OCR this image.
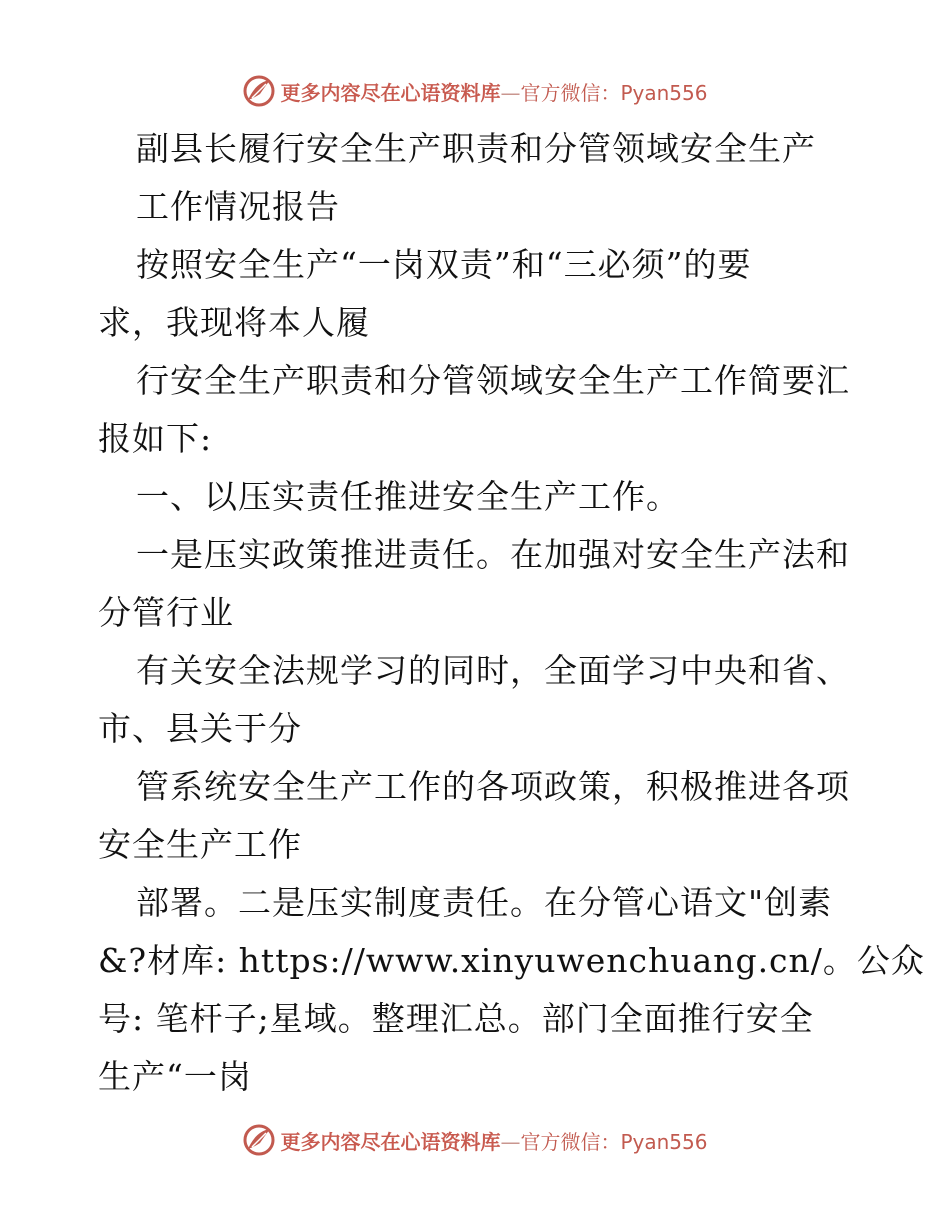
更多内容尽在心语资料库—官方微信：Pyan556
副县长履行安全生产职责和分管领域安全生产
工作情况报告
按照安全生产“一岗双责”和“三必须”的要
求，我现将本人履
行安全生产职责和分管领域安全生产工作简要汇
报如下:
一、以压实责任推进安全生产工作。
一是压实政策推进责任。在加强对安全生产法和
分管行业
有关安全法规学习的同时，全面学习中央和省、
市、县关于分
管系统安全生产工作的各项政策，积极推进各项
安全生产工作
部署。二是压实制度责任。在分管心语文"创素
&?材库: https://www.xinyuwenchuang.cn/。公众
号: 笔杆子;星域。整理汇总。部门全面推行安全
生产“一岗
更多内容尽在心语资料库—官方微信：Pyan556
